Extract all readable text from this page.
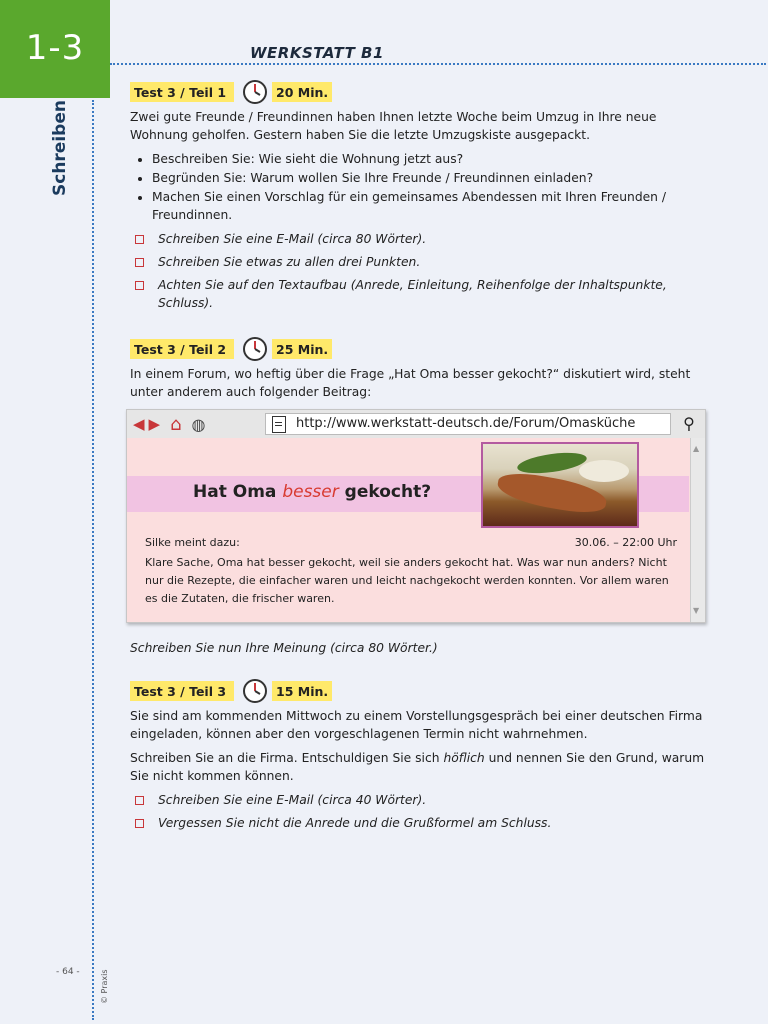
1-3
Schreiben
- 64 -	© Praxis
WERKSTATT B1
Test 3 / Teil 1	20 Min.

Zwei gute Freunde / Freundinnen haben Ihnen letzte Woche beim Umzug in Ihre neue Wohnung geholfen. Gestern haben Sie die letzte Umzugskiste ausgepackt.

• Beschreiben Sie: Wie sieht die Wohnung jetzt aus?
• Begründen Sie: Warum wollen Sie Ihre Freunde / Freundinnen einladen?
• Machen Sie einen Vorschlag für ein gemeinsames Abendessen mit Ihren Freunden / Freundinnen.
Schreiben Sie eine E-Mail (circa 80 Wörter).
Schreiben Sie etwas zu allen drei Punkten.
Achten Sie auf den Textaufbau (Anrede, Einleitung, Reihenfolge der Inhaltspunkte, Schluss).
Test 3 / Teil 2	25 Min.

In einem Forum, wo heftig über die Frage „Hat Oma besser gekocht?“ diskutiert wird, steht unter anderem auch folgender Beitrag:

◀ ▶ ⌂ ◍	http://www.werkstatt-deutsch.de/Forum/Omasküche	⚲
Hat Oma besser gekocht?
▲ ▼
Silke meint dazu:	30.06. – 22:00 Uhr
Klare Sache, Oma hat besser gekocht, weil sie anders gekocht hat. Was war nun anders? Nicht nur die Rezepte, die einfacher waren und leicht nachgekocht werden konnten. Vor allem waren es die Zutaten, die frischer waren.

Schreiben Sie nun Ihre Meinung (circa 80 Wörter.)

Test 3 / Teil 3	15 Min.

Sie sind am kommenden Mittwoch zu einem Vorstellungsgespräch bei einer deutschen Firma eingeladen, können aber den vorgeschlagenen Termin nicht wahrnehmen.

Schreiben Sie an die Firma. Entschuldigen Sie sich höflich und nennen Sie den Grund, warum Sie nicht kommen können.

Schreiben Sie eine E-Mail (circa 40 Wörter).
Vergessen Sie nicht die Anrede und die Grußformel am Schluss.
